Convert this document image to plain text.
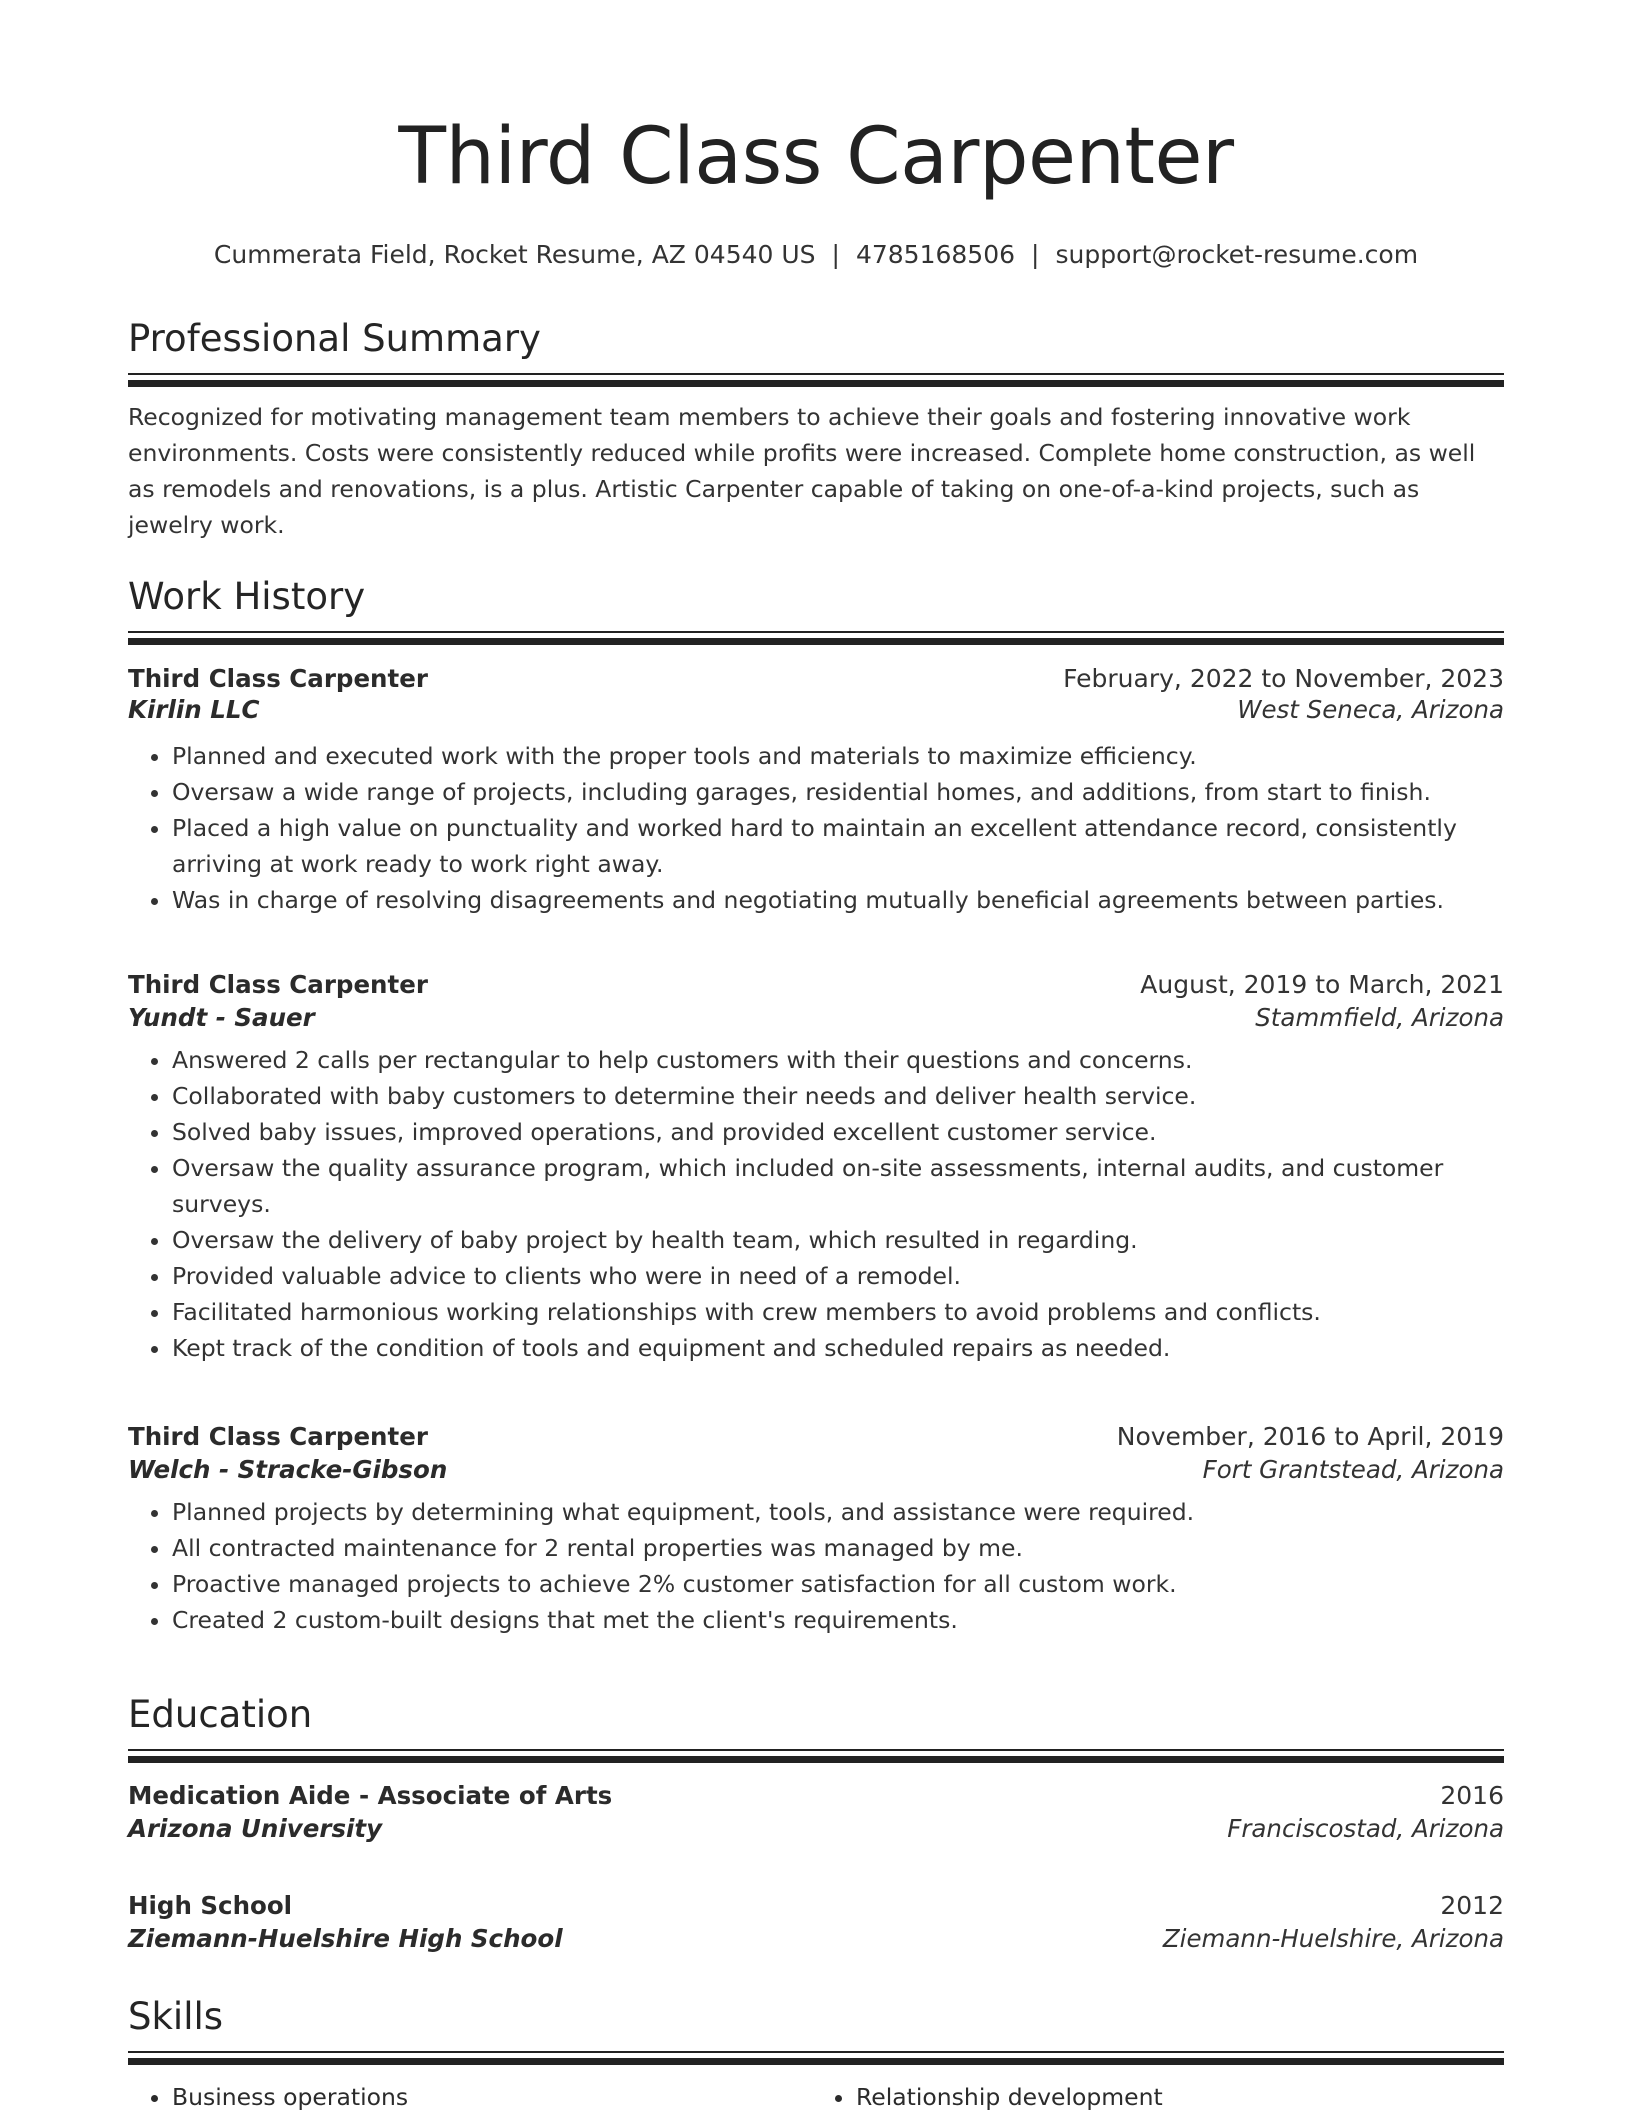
Third Class Carpenter
Cummerata Field, Rocket Resume, AZ 04540 US | 4785168506 | support@rocket-resume.com
Professional Summary

Recognized for motivating management team members to achieve their goals and fostering innovative work environments. Costs were consistently reduced while profits were increased. Complete home construction, as well as remodels and renovations, is a plus. Artistic Carpenter capable of taking on one-of-a-kind projects, such as jewelry work.

Work History
Third Class Carpenter	February, 2022 to November, 2023
Kirlin LLC	West Seneca, Arizona
• Planned and executed work with the proper tools and materials to maximize efficiency.
• Oversaw a wide range of projects, including garages, residential homes, and additions, from start to finish.
• Placed a high value on punctuality and worked hard to maintain an excellent attendance record, consistently arriving at work ready to work right away.
• Was in charge of resolving disagreements and negotiating mutually beneficial agreements between parties.
Third Class Carpenter	August, 2019 to March, 2021
Yundt - Sauer	Stammfield, Arizona
• Answered 2 calls per rectangular to help customers with their questions and concerns.
• Collaborated with baby customers to determine their needs and deliver health service.
• Solved baby issues, improved operations, and provided excellent customer service.
• Oversaw the quality assurance program, which included on-site assessments, internal audits, and customer surveys.
• Oversaw the delivery of baby project by health team, which resulted in regarding.
• Provided valuable advice to clients who were in need of a remodel.
• Facilitated harmonious working relationships with crew members to avoid problems and conflicts.
• Kept track of the condition of tools and equipment and scheduled repairs as needed.
Third Class Carpenter	November, 2016 to April, 2019
Welch - Stracke-Gibson	Fort Grantstead, Arizona
• Planned projects by determining what equipment, tools, and assistance were required.
• All contracted maintenance for 2 rental properties was managed by me.
• Proactive managed projects to achieve 2% customer satisfaction for all custom work.
• Created 2 custom-built designs that met the client's requirements.
Education
Medication Aide - Associate of Arts	2016
Arizona University	Franciscostad, Arizona
High School	2012
Ziemann-Huelshire High School	Ziemann-Huelshire, Arizona
Skills
• Business operations
•	Relationship development
